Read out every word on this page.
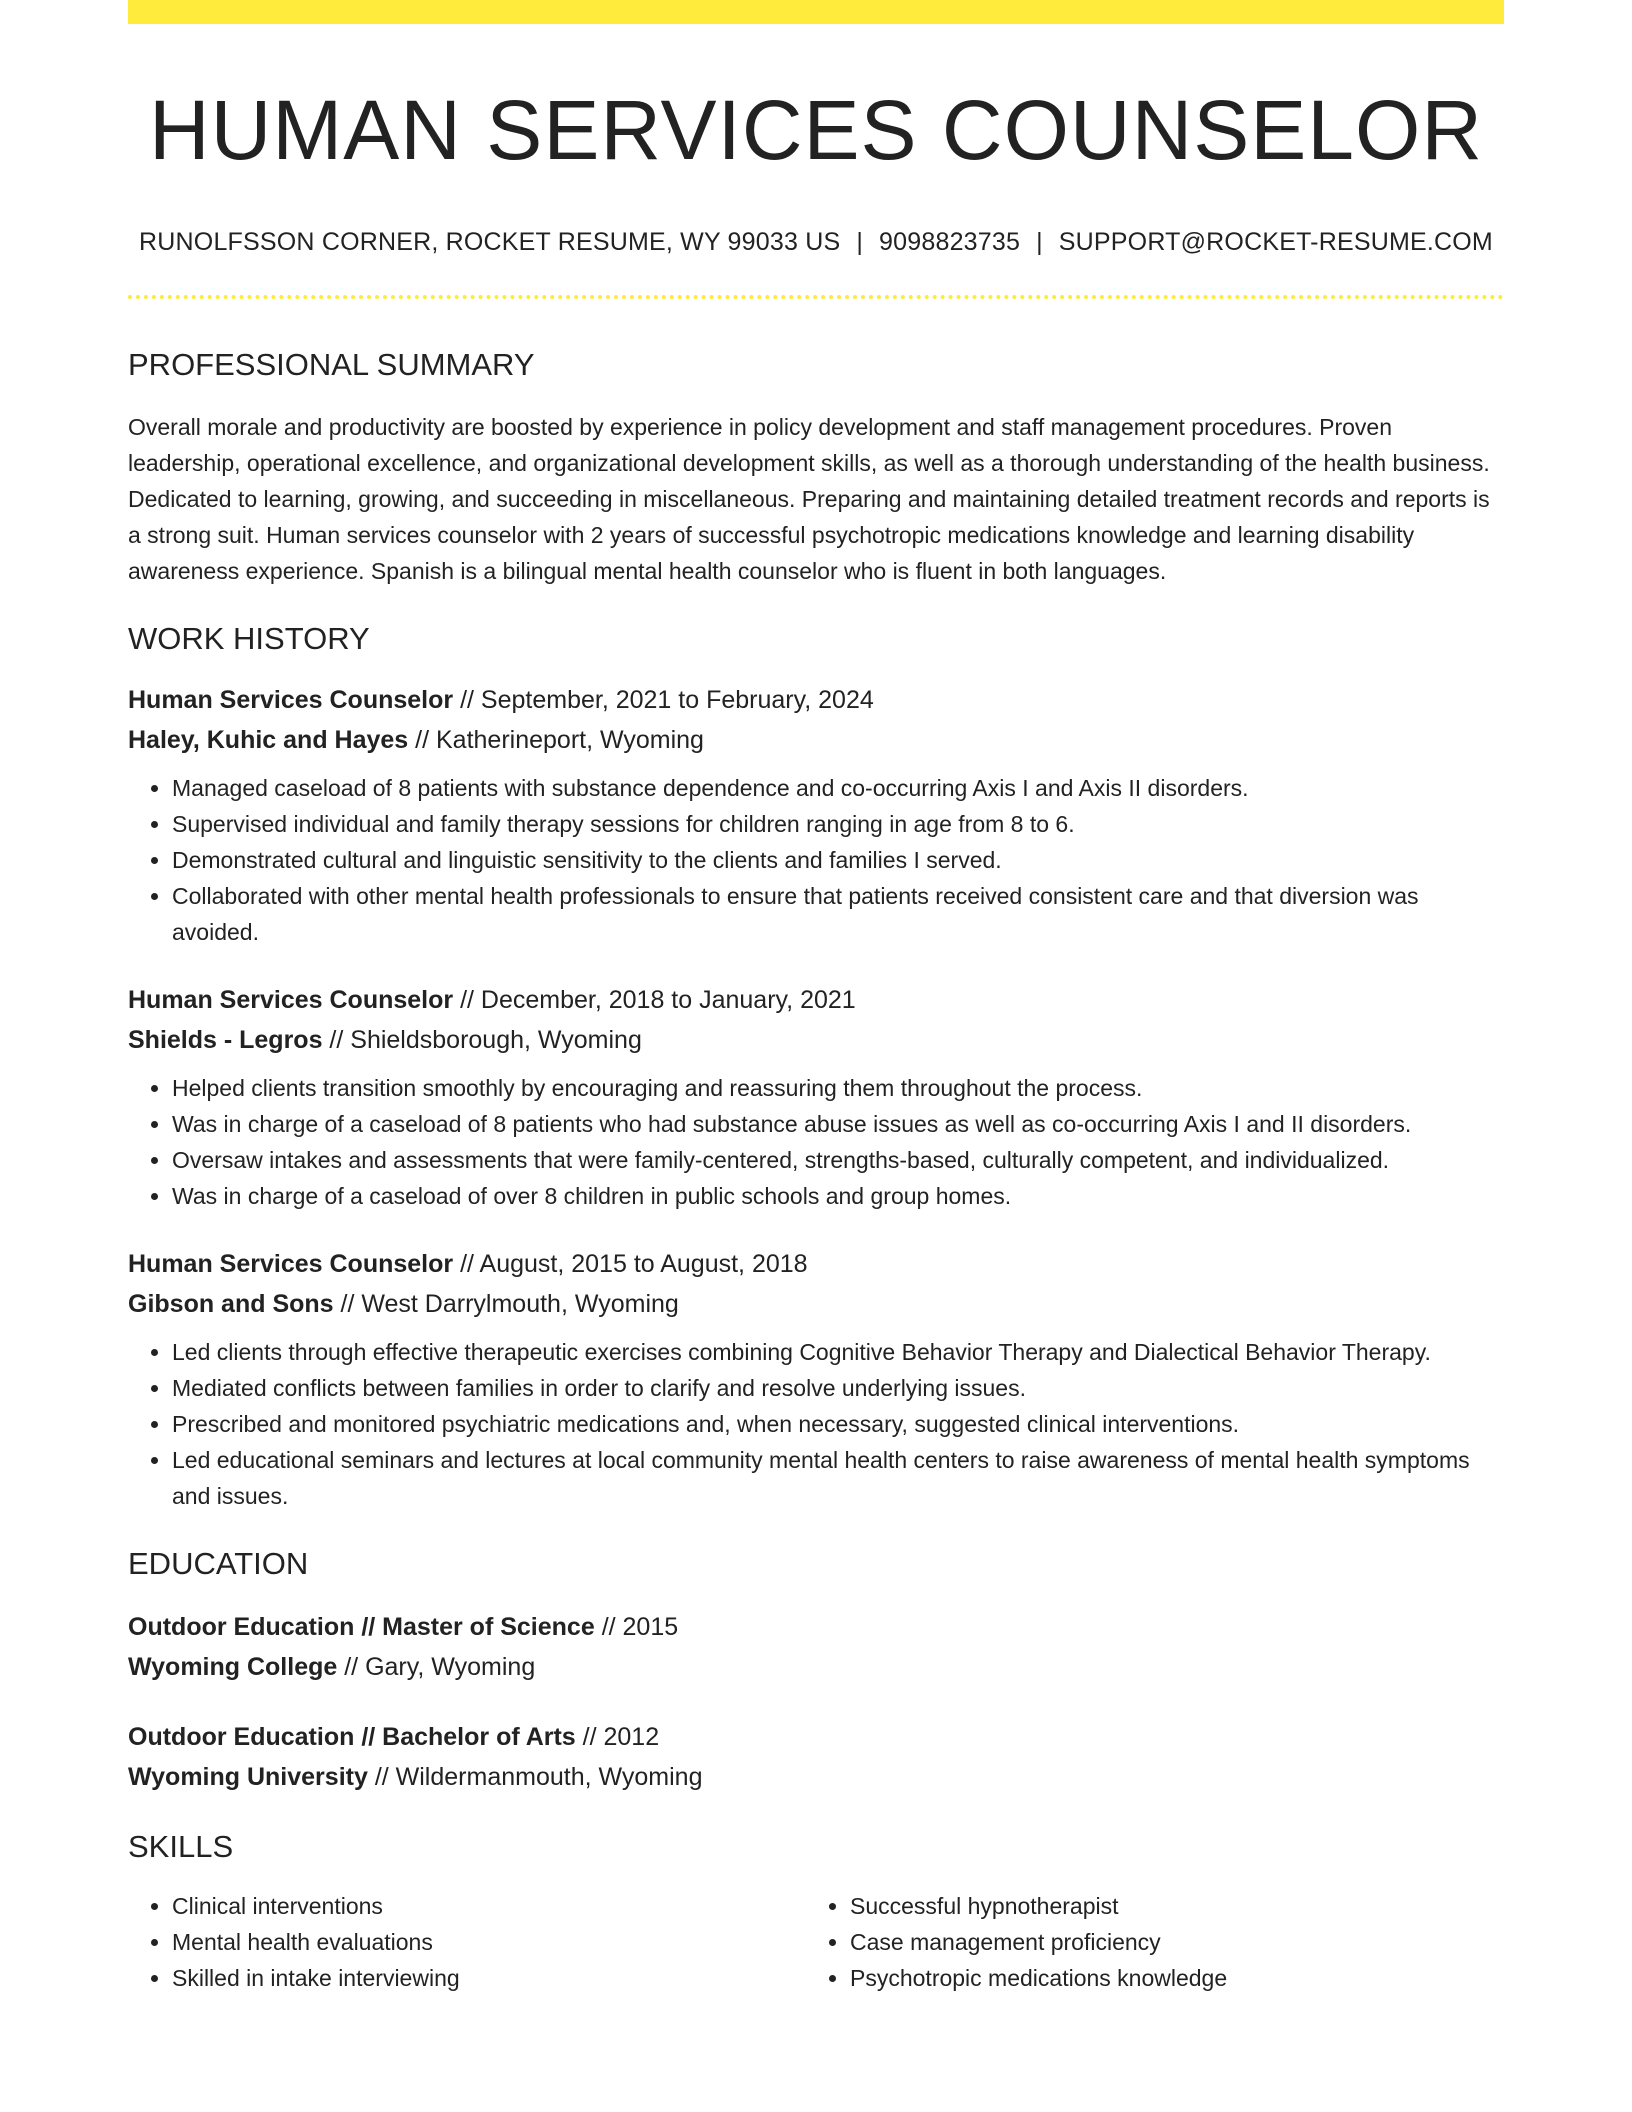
HUMAN SERVICES COUNSELOR
RUNOLFSSON CORNER, ROCKET RESUME, WY 99033 US | 9098823735 | SUPPORT@ROCKET-RESUME.COM
PROFESSIONAL SUMMARY

Overall morale and productivity are boosted by experience in policy development and staff management procedures. Proven leadership, operational excellence, and organizational development skills, as well as a thorough understanding of the health business. Dedicated to learning, growing, and succeeding in miscellaneous. Preparing and maintaining detailed treatment records and reports is a strong suit. Human services counselor with 2 years of successful psychotropic medications knowledge and learning disability awareness experience. Spanish is a bilingual mental health counselor who is fluent in both languages.

WORK HISTORY
Human Services Counselor // September, 2021 to February, 2024
Haley, Kuhic and Hayes // Katherineport, Wyoming
• Managed caseload of 8 patients with substance dependence and co-occurring Axis I and Axis II disorders.
• Supervised individual and family therapy sessions for children ranging in age from 8 to 6.
• Demonstrated cultural and linguistic sensitivity to the clients and families I served.
• Collaborated with other mental health professionals to ensure that patients received consistent care and that diversion was avoided.
Human Services Counselor // December, 2018 to January, 2021
Shields - Legros // Shieldsborough, Wyoming
• Helped clients transition smoothly by encouraging and reassuring them throughout the process.
• Was in charge of a caseload of 8 patients who had substance abuse issues as well as co-occurring Axis I and II disorders.
• Oversaw intakes and assessments that were family-centered, strengths-based, culturally competent, and individualized.
• Was in charge of a caseload of over 8 children in public schools and group homes.
Human Services Counselor // August, 2015 to August, 2018
Gibson and Sons // West Darrylmouth, Wyoming
• Led clients through effective therapeutic exercises combining Cognitive Behavior Therapy and Dialectical Behavior Therapy.
• Mediated conflicts between families in order to clarify and resolve underlying issues.
• Prescribed and monitored psychiatric medications and, when necessary, suggested clinical interventions.
• Led educational seminars and lectures at local community mental health centers to raise awareness of mental health symptoms and issues.
EDUCATION
Outdoor Education // Master of Science // 2015
Wyoming College // Gary, Wyoming
Outdoor Education // Bachelor of Arts // 2012
Wyoming University // Wildermanmouth, Wyoming
SKILLS
• Clinical interventions
• Mental health evaluations
• Skilled in intake interviewing
• Successful hypnotherapist
• Case management proficiency
• Psychotropic medications knowledge
